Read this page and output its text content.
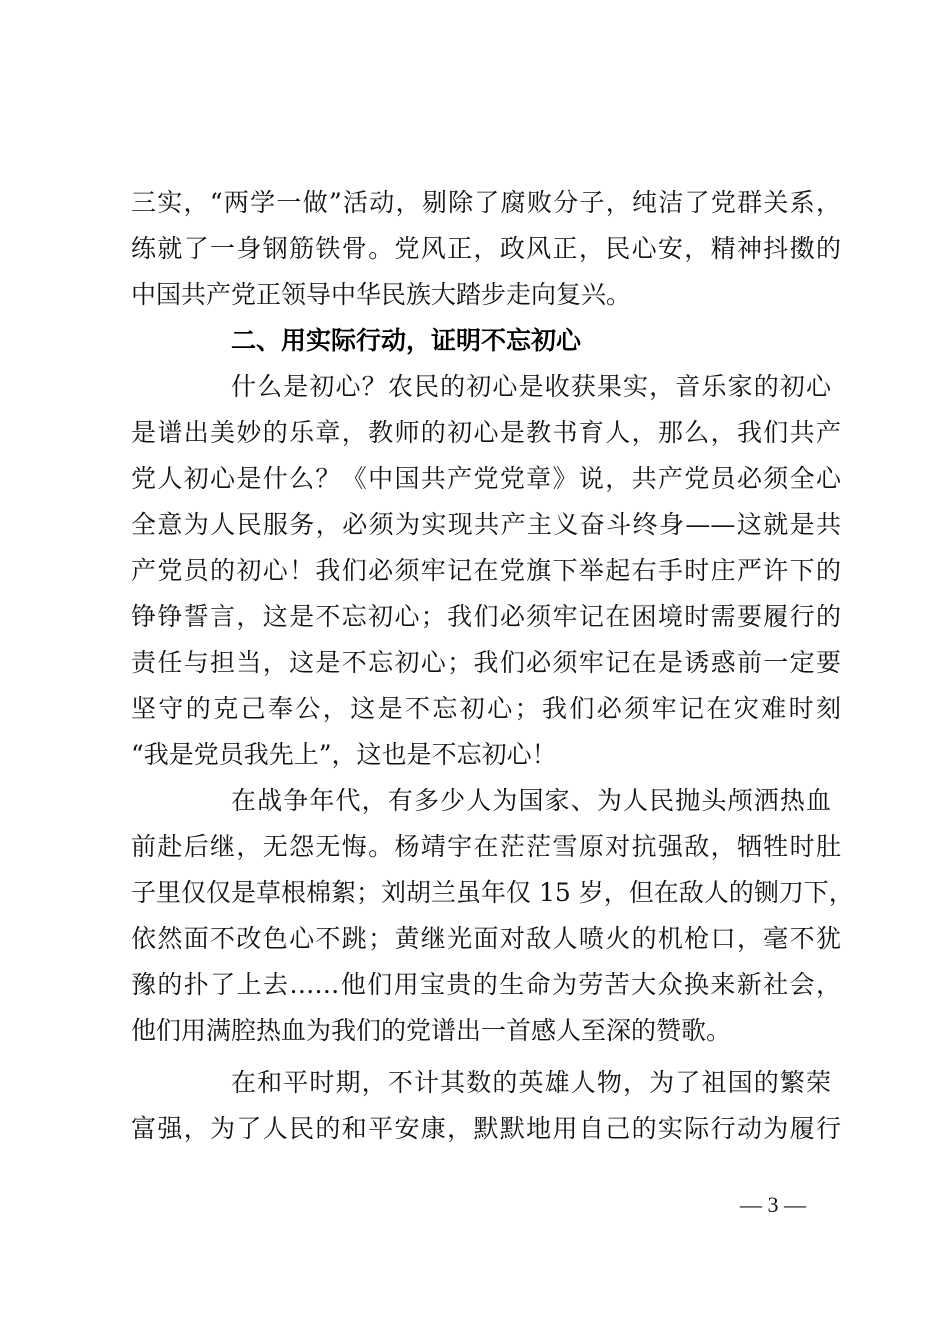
三实，“两学一做”活动，剔除了腐败分子，纯洁了党群关系，
练就了一身钢筋铁骨。党风正，政风正，民心安，精神抖擞的
中国共产党正领导中华民族大踏步走向复兴。
二、用实际行动，证明不忘初心
什么是初心？农民的初心是收获果实，音乐家的初心
是谱出美妙的乐章，教师的初心是教书育人，那么，我们共产
党人初心是什么？《中国共产党党章》说，共产党员必须全心
全意为人民服务，必须为实现共产主义奋斗终身——这就是共
产党员的初心！我们必须牢记在党旗下举起右手时庄严许下的
铮铮誓言，这是不忘初心；我们必须牢记在困境时需要履行的
责任与担当，这是不忘初心；我们必须牢记在是诱惑前一定要
坚守的克己奉公，这是不忘初心；我们必须牢记在灾难时刻
“我是党员我先上”，这也是不忘初心！
在战争年代，有多少人为国家、为人民抛头颅洒热血
前赴后继，无怨无悔。杨靖宇在茫茫雪原对抗强敌，牺牲时肚
子里仅仅是草根棉絮；刘胡兰虽年仅 15 岁，但在敌人的铡刀下，
依然面不改色心不跳；黄继光面对敌人喷火的机枪口，毫不犹
豫的扑了上去……他们用宝贵的生命为劳苦大众换来新社会，
他们用满腔热血为我们的党谱出一首感人至深的赞歌。
在和平时期，不计其数的英雄人物，为了祖国的繁荣
富强，为了人民的和平安康，默默地用自己的实际行动为履行
— 3 —
